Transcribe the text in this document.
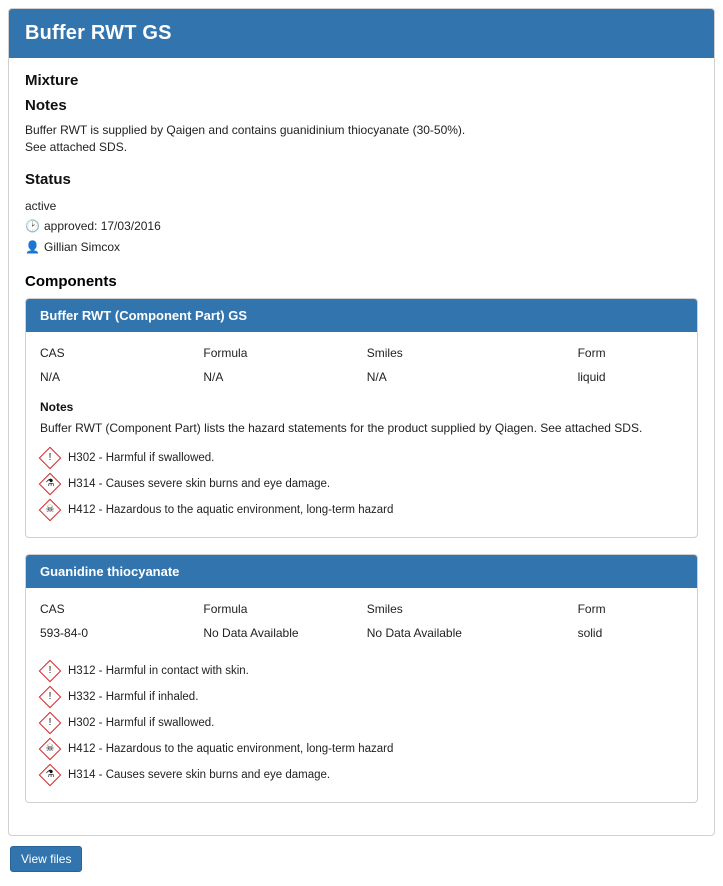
Buffer RWT GS
Mixture
Notes
Buffer RWT is supplied by Qaigen and contains guanidinium thiocyanate (30-50%).
See attached SDS.
Status
active
🕑 approved: 17/03/2016
👤 Gillian Simcox
Components
Buffer RWT (Component Part) GS
CAS	Formula	Smiles	Form
N/A	N/A	N/A	liquid
Notes
Buffer RWT (Component Part) lists the hazard statements for the product supplied by Qiagen. See attached SDS.
!	H302 - Harmful if swallowed.
⚗	H314 - Causes severe skin burns and eye damage.
☠	H412 - Hazardous to the aquatic environment, long-term hazard
Guanidine thiocyanate
CAS	Formula	Smiles	Form
593-84-0	No Data Available	No Data Available	solid
!	H312 - Harmful in contact with skin.
!	H332 - Harmful if inhaled.
!	H302 - Harmful if swallowed.
☠	H412 - Hazardous to the aquatic environment, long-term hazard
⚗	H314 - Causes severe skin burns and eye damage.
View files
